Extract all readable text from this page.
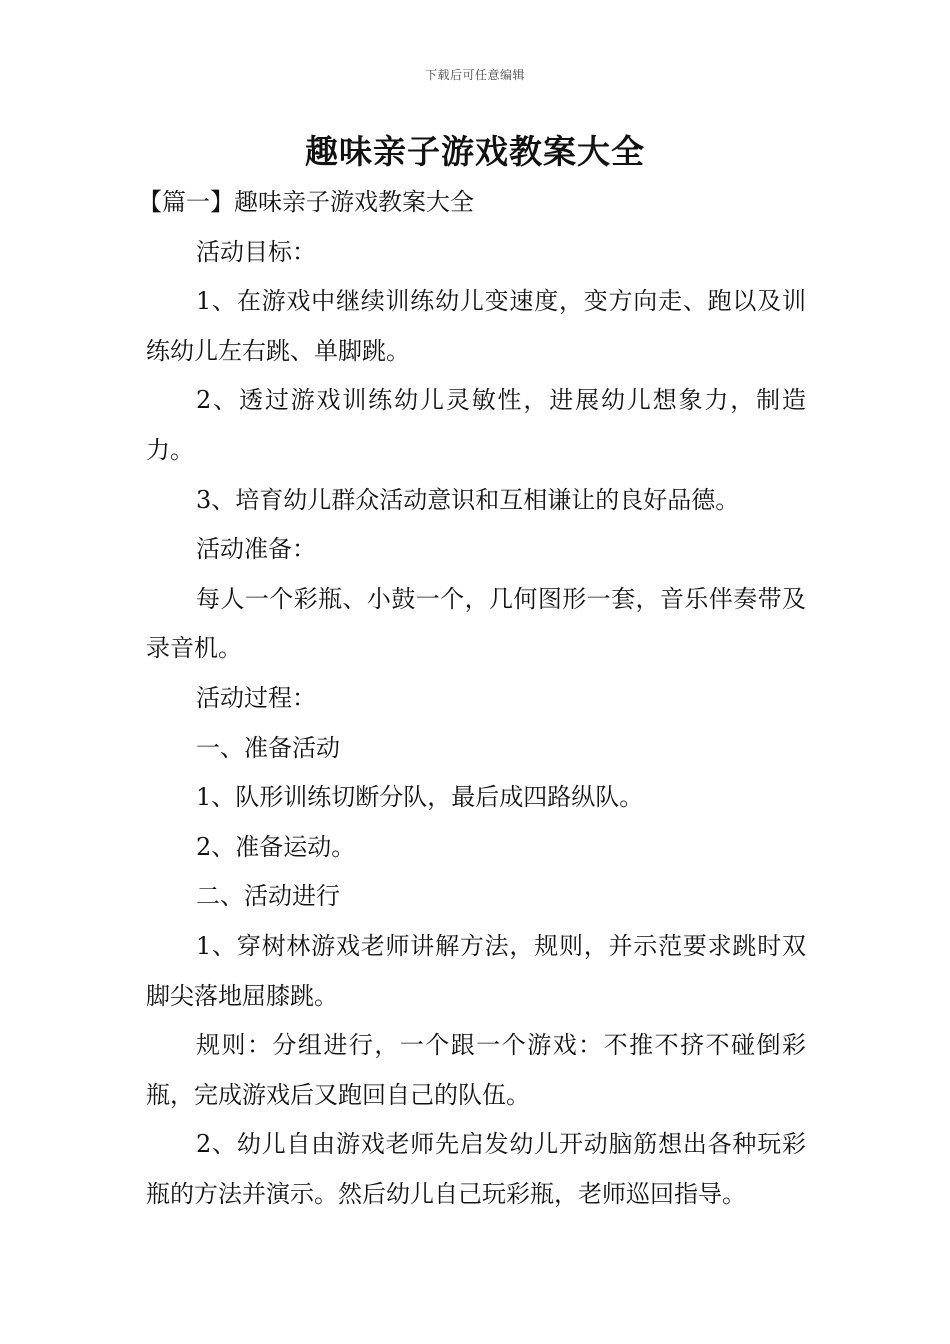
下载后可任意编辑
趣味亲子游戏教案大全

【篇一】趣味亲子游戏教案大全

活动目标：

1、在游戏中继续训练幼儿变速度，变方向走、跑以及训练幼儿左右跳、单脚跳。

2、透过游戏训练幼儿灵敏性，进展幼儿想象力，制造力。

3、培育幼儿群众活动意识和互相谦让的良好品德。

活动准备：

每人一个彩瓶、小鼓一个，几何图形一套，音乐伴奏带及录音机。

活动过程：

一、准备活动

1、队形训练切断分队，最后成四路纵队。

2、准备运动。

二、活动进行

1、穿树林游戏老师讲解方法，规则，并示范要求跳时双脚尖落地屈膝跳。

规则：分组进行，一个跟一个游戏：不推不挤不碰倒彩瓶，完成游戏后又跑回自己的队伍。

2、幼儿自由游戏老师先启发幼儿开动脑筋想出各种玩彩瓶的方法并演示。然后幼儿自己玩彩瓶，老师巡回指导。
